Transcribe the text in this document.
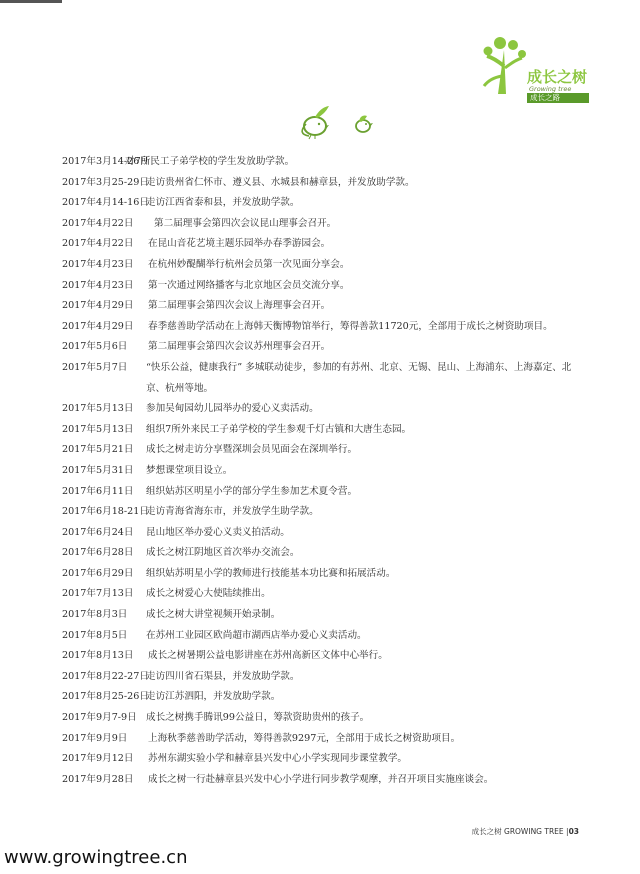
成长之树
Growing tree
成长之路
2017年3月14-26日
对7所民工子弟学校的学生发放助学款。
2017年3月25-29日
走访贵州省仁怀市、遵义县、水城县和赫章县，并发放助学款。
2017年4月14-16日
走访江西省泰和县，并发放助学款。
2017年4月22日 第二届理事会第四次会议昆山理事会召开。
2017年4月22日 在昆山音花艺境主题乐园举办春季游园会。
2017年4月23日 在杭州妙醍醐举行杭州会员第一次见面分享会。
2017年4月23日 第一次通过网络播客与北京地区会员交流分享。
2017年4月29日 第二届理事会第四次会议上海理事会召开。
2017年4月29日 春季慈善助学活动在上海韩天衡博物馆举行，筹得善款11720元，全部用于成长之树资助项目。
2017年5月6日 第二届理事会第四次会议苏州理事会召开。
2017年5月7日 “快乐公益，健康我行” 多城联动徒步，参加的有苏州、北京、无锡、昆山、上海浦东、上海嘉定、北京、杭州等地。
2017年5月13日 参加吴甸园幼儿园举办的爱心义卖活动。
2017年5月13日 组织7所外来民工子弟学校的学生参观千灯古镇和大唐生态园。
2017年5月21日 成长之树走访分享暨深圳会员见面会在深圳举行。
2017年5月31日 梦想课堂项目设立。
2017年6月11日 组织姑苏区明星小学的部分学生参加艺术夏令营。
2017年6月18-21日
走访青海省海东市，并发放学生助学款。
2017年6月24日 昆山地区举办爱心义卖义拍活动。
2017年6月28日 成长之树江阴地区首次举办交流会。
2017年6月29日 组织姑苏明星小学的教师进行技能基本功比赛和拓展活动。
2017年7月13日 成长之树爱心大使陆续推出。
2017年8月3日 成长之树大讲堂视频开始录制。
2017年8月5日 在苏州工业园区欧尚超市湖西店举办爱心义卖活动。
2017年8月13日 成长之树暑期公益电影讲座在苏州高新区文体中心举行。
2017年8月22-27日
走访四川省石渠县，并发放助学款。
2017年8月25-26日
走访江苏泗阳，并发放助学款。
2017年9月7-9日 成长之树携手腾讯99公益日，筹款资助贵州的孩子。
2017年9月9日 上海秋季慈善助学活动，筹得善款9297元，全部用于成长之树资助项目。
2017年9月12日 苏州东湖实验小学和赫章县兴发中心小学实现同步课堂教学。
2017年9月28日 成长之树一行赴赫章县兴发中心小学进行同步教学观摩，并召开项目实施座谈会。
成长之树 GROWING TREE |03
www.growingtree.cn
